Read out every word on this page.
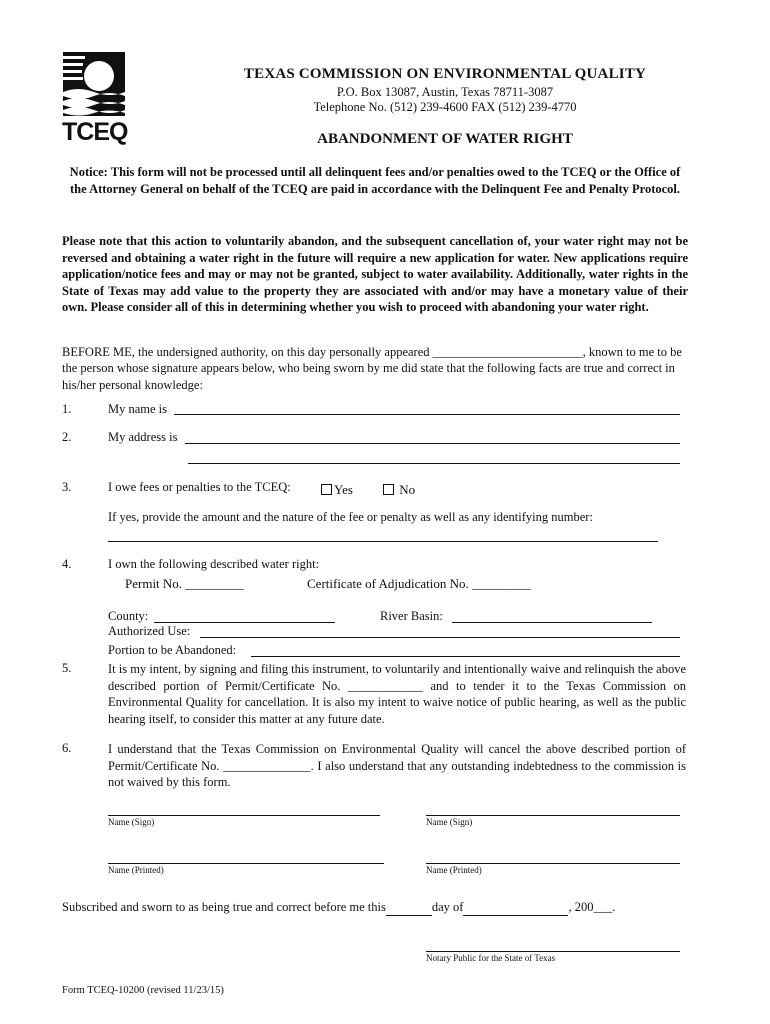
TCEQ
TEXAS COMMISSION ON ENVIRONMENTAL QUALITY
P.O. Box 13087, Austin, Texas 78711-3087
Telephone No. (512) 239-4600 FAX (512) 239-4770
ABANDONMENT OF WATER RIGHT
Notice: This form will not be processed until all delinquent fees and/or penalties owed to the TCEQ or the Office of the Attorney General on behalf of the TCEQ are paid in accordance with the Delinquent Fee and Penalty Protocol.
Please note that this action to voluntarily abandon, and the subsequent cancellation of, your water right may not be reversed and obtaining a water right in the future will require a new application for water. New applications require application/notice fees and may or may not be granted, subject to water availability. Additionally, water rights in the State of Texas may add value to the property they are associated with and/or may have a monetary value of their own. Please consider all of this in determining whether you wish to proceed with abandoning your water right.
BEFORE ME, the undersigned authority, on this day personally appeared ________________________, known to me to be the person whose signature appears below, who being sworn by me did state that the following facts are true and correct in his/her personal knowledge:
1.	My name is
2.	My address is
3.	I owe fees or penalties to the TCEQ:	Yes	No
If yes, provide the amount and the nature of the fee or penalty as well as any identifying number:
4.	I own the following described water right:
Permit No. _________	Certificate of Adjudication No. _________
County:	River Basin:
Authorized Use:
Portion to be Abandoned:
5.	It is my intent, by signing and filing this instrument, to voluntarily and intentionally waive and relinquish the above described portion of Permit/Certificate No. ____________ and to tender it to the Texas Commission on Environmental Quality for cancellation. It is also my intent to waive notice of public hearing, as well as the public hearing itself, to consider this matter at any future date.
6.	I understand that the Texas Commission on Environmental Quality will cancel the above described portion of Permit/Certificate No. ______________. I also understand that any outstanding indebtedness to the commission is not waived by this form.
Name (Sign)	Name (Sign)
Name (Printed)	Name (Printed)
Subscribed and sworn to as being true and correct before me this	day of	, 200___.
Notary Public for the State of Texas
Form TCEQ-10200 (revised 11/23/15)
